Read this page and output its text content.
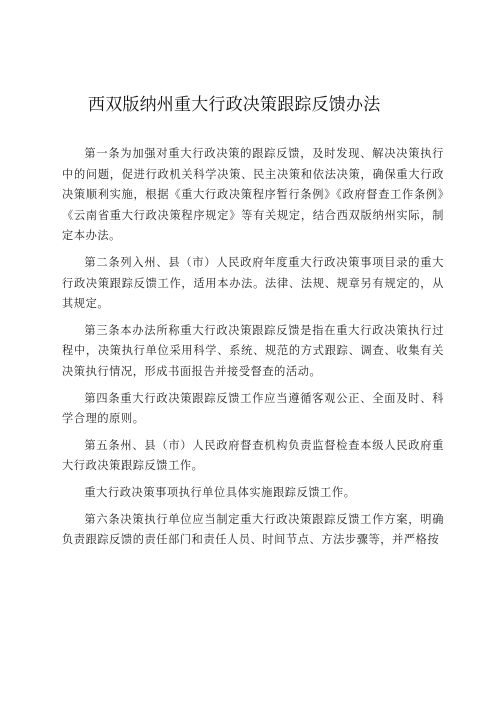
西双版纳州重大行政决策跟踪反馈办法

第一条为加强对重大行政决策的跟踪反馈，及时发现、解决决策执行中的问题，促进行政机关科学决策、民主决策和依法决策，确保重大行政决策顺利实施，根据《重大行政决策程序暂行条例》《政府督查工作条例》《云南省重大行政决策程序规定》等有关规定，结合西双版纳州实际，制定本办法。

第二条列入州、县（市）人民政府年度重大行政决策事项目录的重大行政决策跟踪反馈工作，适用本办法。法律、法规、规章另有规定的，从其规定。

第三条本办法所称重大行政决策跟踪反馈是指在重大行政决策执行过程中，决策执行单位采用科学、系统、规范的方式跟踪、调查、收集有关决策执行情况，形成书面报告并接受督查的活动。

第四条重大行政决策跟踪反馈工作应当遵循客观公正、全面及时、科学合理的原则。

第五条州、县（市）人民政府督查机构负责监督检查本级人民政府重大行政决策跟踪反馈工作。

重大行政决策事项执行单位具体实施跟踪反馈工作。

第六条决策执行单位应当制定重大行政决策跟踪反馈工作方案，明确负责跟踪反馈的责任部门和责任人员、时间节点、方法步骤等，并严格按
